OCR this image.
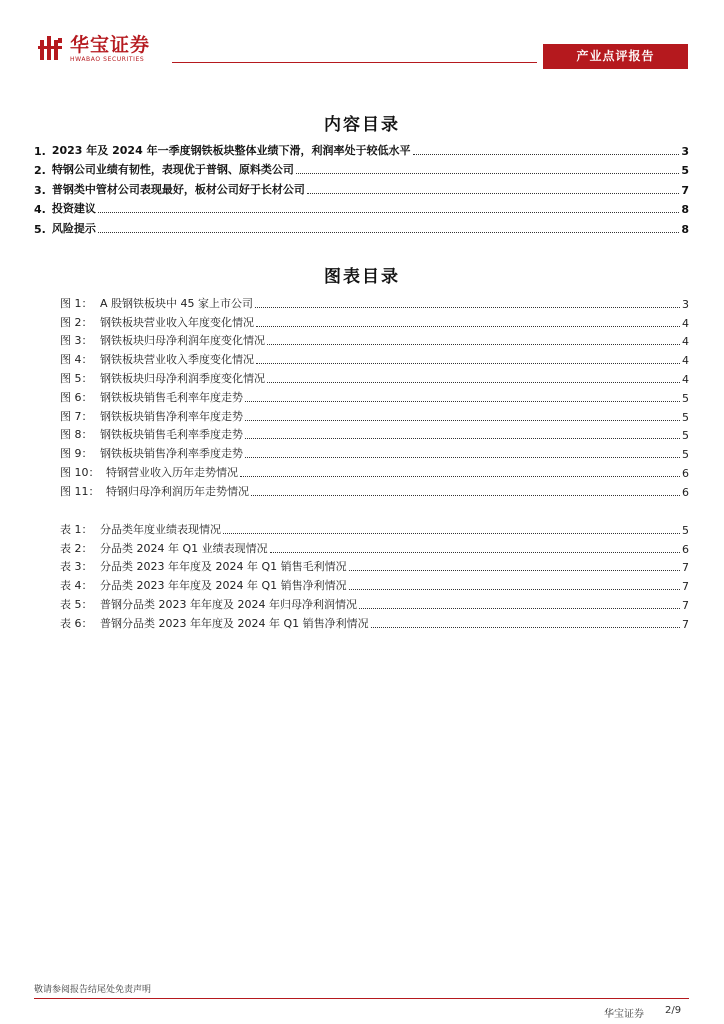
华宝证券
HWABAO SECURITIES	产业点评报告
内容目录
1. 2023 年及 2024 年一季度钢铁板块整体业绩下滑，利润率处于较低水平	3
2. 特钢公司业绩有韧性，表现优于普钢、原料类公司	5
3. 普钢类中管材公司表现最好，板材公司好于长材公司	7
4. 投资建议	8
5. 风险提示	8
图表目录
图 1： A 股钢铁板块中 45 家上市公司	3
图 2： 钢铁板块营业收入年度变化情况	4
图 3： 钢铁板块归母净利润年度变化情况	4
图 4： 钢铁板块营业收入季度变化情况	4
图 5： 钢铁板块归母净利润季度变化情况	4
图 6： 钢铁板块销售毛利率年度走势	5
图 7： 钢铁板块销售净利率年度走势	5
图 8： 钢铁板块销售毛利率季度走势	5
图 9： 钢铁板块销售净利率季度走势	5
图 10： 特钢营业收入历年走势情况	6
图 11： 特钢归母净利润历年走势情况	6
表 1： 分品类年度业绩表现情况	5
表 2： 分品类 2024 年 Q1 业绩表现情况	6
表 3： 分品类 2023 年年度及 2024 年 Q1 销售毛利情况	7
表 4： 分品类 2023 年年度及 2024 年 Q1 销售净利情况	7
表 5： 普钢分品类 2023 年年度及 2024 年归母净利润情况	7
表 6： 普钢分品类 2023 年年度及 2024 年 Q1 销售净利情况	7
敬请参阅报告结尾处免责声明
华宝证券 2/9
